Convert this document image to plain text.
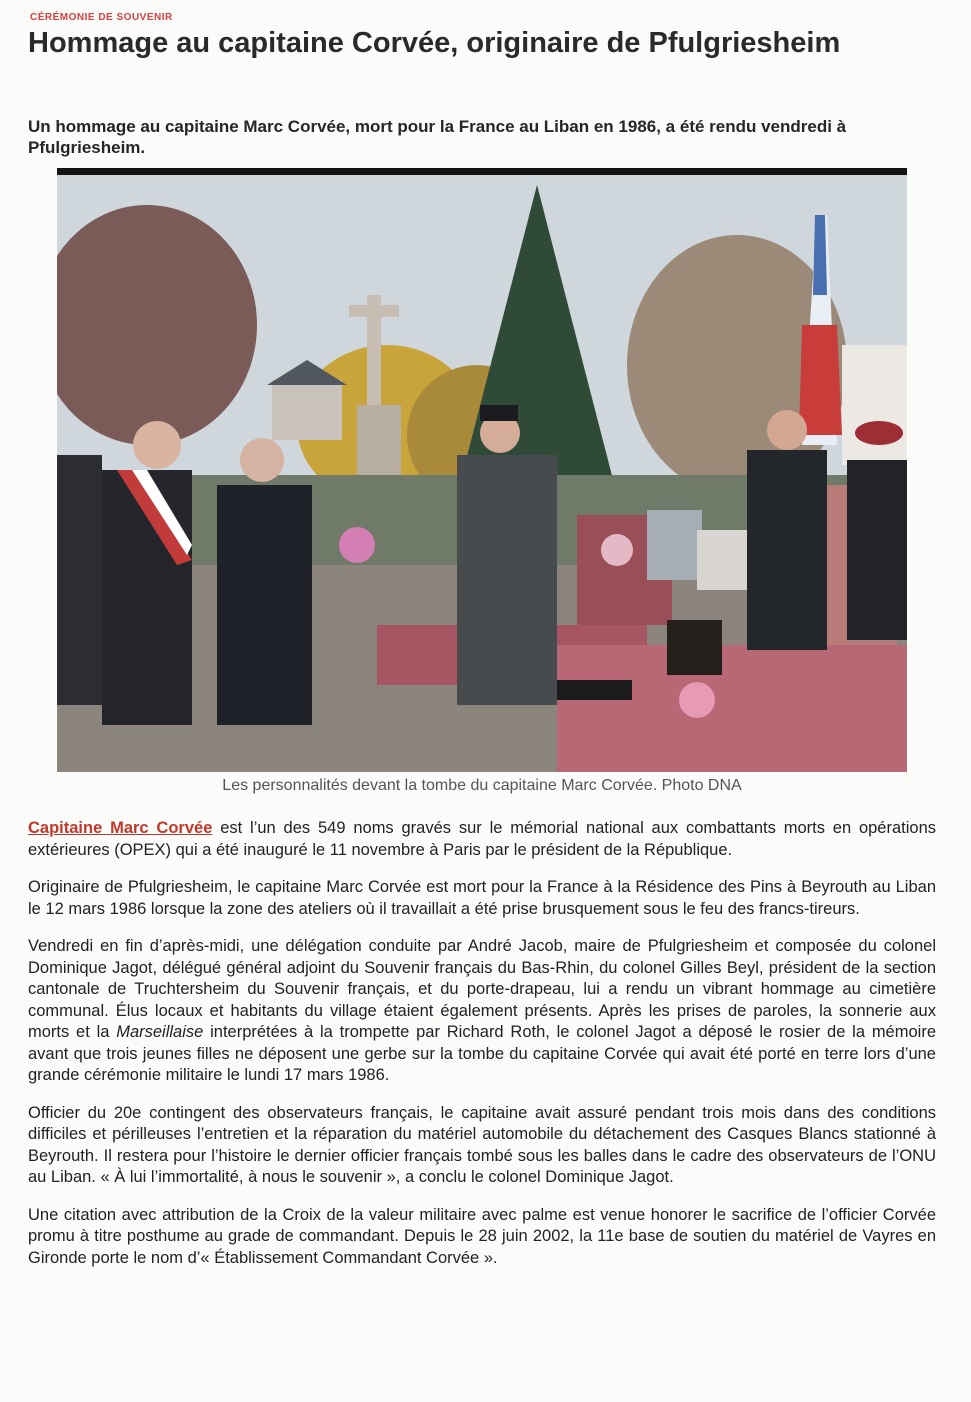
CÉRÉMONIE DE SOUVENIR
Hommage au capitaine Corvée, originaire de Pfulgriesheim

Un hommage au capitaine Marc Corvée, mort pour la France au Liban en 1986, a été rendu vendredi à Pfulgriesheim.

Les personnalités devant la tombe du capitaine Marc Corvée. Photo DNA

Capitaine Marc Corvée est l’un des 549 noms gravés sur le mémorial national aux combattants morts en opérations extérieures (OPEX) qui a été inauguré le 11 novembre à Paris par le président de la République.

Originaire de Pfulgriesheim, le capitaine Marc Corvée est mort pour la France à la Résidence des Pins à Beyrouth au Liban le 12 mars 1986 lorsque la zone des ateliers où il travaillait a été prise brusquement sous le feu des francs-tireurs.

Vendredi en fin d’après-midi, une délégation conduite par André Jacob, maire de Pfulgriesheim et composée du colonel Dominique Jagot, délégué général adjoint du Souvenir français du Bas-Rhin, du colonel Gilles Beyl, président de la section cantonale de Truchtersheim du Souvenir français, et du porte-drapeau, lui a rendu un vibrant hommage au cimetière communal. Élus locaux et habitants du village étaient également présents. Après les prises de paroles, la sonnerie aux morts et la Marseillaise interprétées à la trompette par Richard Roth, le colonel Jagot a déposé le rosier de la mémoire avant que trois jeunes filles ne déposent une gerbe sur la tombe du capitaine Corvée qui avait été porté en terre lors d’une grande cérémonie militaire le lundi 17 mars 1986.

Officier du 20e contingent des observateurs français, le capitaine avait assuré pendant trois mois dans des conditions difficiles et périlleuses l’entretien et la réparation du matériel automobile du détachement des Casques Blancs stationné à Beyrouth. Il restera pour l’histoire le dernier officier français tombé sous les balles dans le cadre des observateurs de l’ONU au Liban. « À lui l’immortalité, à nous le souvenir », a conclu le colonel Dominique Jagot.

Une citation avec attribution de la Croix de la valeur militaire avec palme est venue honorer le sacrifice de l’officier Corvée promu à titre posthume au grade de commandant. Depuis le 28 juin 2002, la 11e base de soutien du matériel de Vayres en Gironde porte le nom d’« Établissement Commandant Corvée ».
